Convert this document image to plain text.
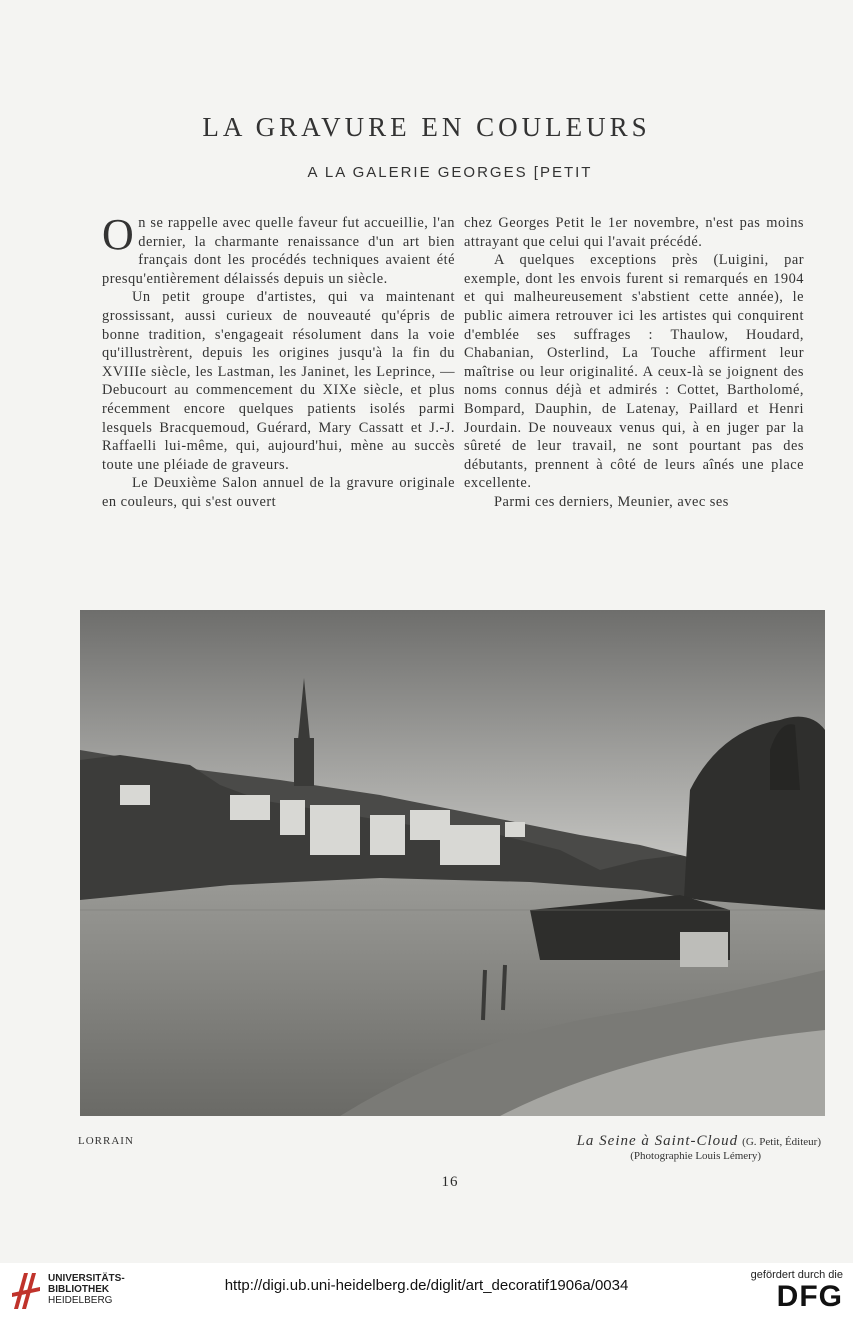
LA GRAVURE EN COULEURS
A LA GALERIE GEORGES [PETIT

On se rappelle avec quelle faveur fut accueillie, l'an dernier, la charmante renaissance d'un art bien français dont les procédés techniques avaient été presqu'entièrement délaissés depuis un siècle.

Un petit groupe d'artistes, qui va maintenant grossissant, aussi curieux de nouveauté qu'épris de bonne tradition, s'engageait résolument dans la voie qu'illustrèrent, depuis les origines jusqu'à la fin du XVIIIe siècle, les Lastman, les Janinet, les Leprince, — Debucourt au commencement du XIXe siècle, et plus récemment encore quelques patients isolés parmi lesquels Bracquemoud, Guérard, Mary Cassatt et J.-J. Raffaelli lui-même, qui, aujourd'hui, mène au succès toute une pléiade de graveurs.

Le Deuxième Salon annuel de la gravure originale en couleurs, qui s'est ouvert

chez Georges Petit le 1er novembre, n'est pas moins attrayant que celui qui l'avait précédé.

A quelques exceptions près (Luigini, par exemple, dont les envois furent si remarqués en 1904 et qui malheureusement s'abstient cette année), le public aimera retrouver ici les artistes qui conquirent d'emblée ses suffrages : Thaulow, Houdard, Chabanian, Osterlind, La Touche affirment leur maîtrise ou leur originalité. A ceux-là se joignent des noms connus déjà et admirés : Cottet, Bartholomé, Bompard, Dauphin, de Latenay, Paillard et Henri Jourdain. De nouveaux venus qui, à en juger par la sûreté de leur travail, ne sont pourtant pas des débutants, prennent à côté de leurs aînés une place excellente.

Parmi ces derniers, Meunier, avec ses

LORRAIN	La Seine à Saint-Cloud (G. Petit, Éditeur)
(Photographie Louis Lémery)
16
UNIVERSITÄTS-
BIBLIOTHEK
HEIDELBERG
http://digi.ub.uni-heidelberg.de/diglit/art_decoratif1906a/0034
gefördert durch die
DFG
